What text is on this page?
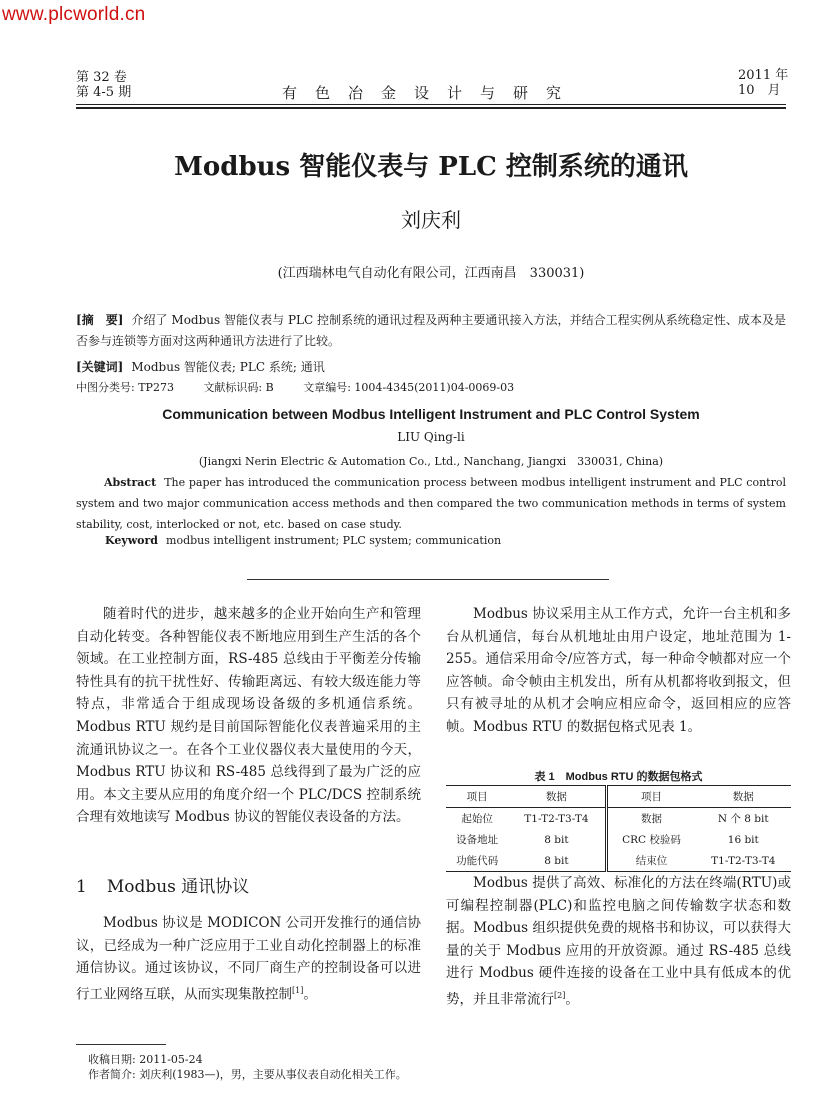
www.plcworld.cn
第 32 卷
第 4-5 期	有色冶金设计与研究
2011 年
10　月
Modbus 智能仪表与 PLC 控制系统的通讯
刘庆利
(江西瑞林电气自动化有限公司，江西南昌　330031)
[摘　要] 介绍了 Modbus 智能仪表与 PLC 控制系统的通讯过程及两种主要通讯接入方法，并结合工程实例从系统稳定性、成本及是否参与连锁等方面对这两种通讯方法进行了比较。
[关键词] Modbus 智能仪表; PLC 系统; 通讯
中图分类号: TP273	文献标识码: B	文章编号: 1004-4345(2011)04-0069-03
Communication between Modbus Intelligent Instrument and PLC Control System
LIU Qing-li
(Jiangxi Nerin Electric & Automation Co., Ltd., Nanchang, Jiangxi　330031, China)
Abstract The paper has introduced the communication process between modbus intelligent instrument and PLC control system and two major communication access methods and then compared the two communication methods in terms of system stability, cost, interlocked or not, etc. based on case study.
Keyword modbus intelligent instrument; PLC system; communication
随着时代的进步，越来越多的企业开始向生产和管理自动化转变。各种智能仪表不断地应用到生产生活的各个领域。在工业控制方面，RS-485 总线由于平衡差分传输特性具有的抗干扰性好、传输距离远、有较大级连能力等特点，非常适合于组成现场设备级的多机通信系统。Modbus RTU 规约是目前国际智能化仪表普遍采用的主流通讯协议之一。在各个工业仪器仪表大量使用的今天，Modbus RTU 协议和 RS-485 总线得到了最为广泛的应用。本文主要从应用的角度介绍一个 PLC/DCS 控制系统合理有效地读写 Modbus 协议的智能仪表设备的方法。
1 Modbus 通讯协议
Modbus 协议是 MODICON 公司开发推行的通信协议，已经成为一种广泛应用于工业自动化控制器上的标准通信协议。通过该协议，不同厂商生产的控制设备可以进行工业网络互联，从而实现集散控制[1]。
Modbus 协议采用主从工作方式，允许一台主机和多台从机通信，每台从机地址由用户设定，地址范围为 1-255。通信采用命令/应答方式，每一种命令帧都对应一个应答帧。命令帧由主机发出，所有从机都将收到报文，但只有被寻址的从机才会响应相应命令，返回相应的应答帧。Modbus RTU 的数据包格式见表 1。
表 1　Modbus RTU 的数据包格式
项目	数据	项目	数据
起始位	T1-T2-T3-T4	数据	N 个 8 bit
设备地址	8 bit	CRC 校验码	16 bit
功能代码	8 bit	结束位	T1-T2-T3-T4
Modbus 提供了高效、标准化的方法在终端(RTU)或可编程控制器(PLC)和监控电脑之间传输数字状态和数据。Modbus 组织提供免费的规格书和协议，可以获得大量的关于 Modbus 应用的开放资源。通过 RS-485 总线进行 Modbus 硬件连接的设备在工业中具有低成本的优势，并且非常流行[2]。
收稿日期: 2011-05-24
作者简介: 刘庆利(1983—)，男，主要从事仪表自动化相关工作。
